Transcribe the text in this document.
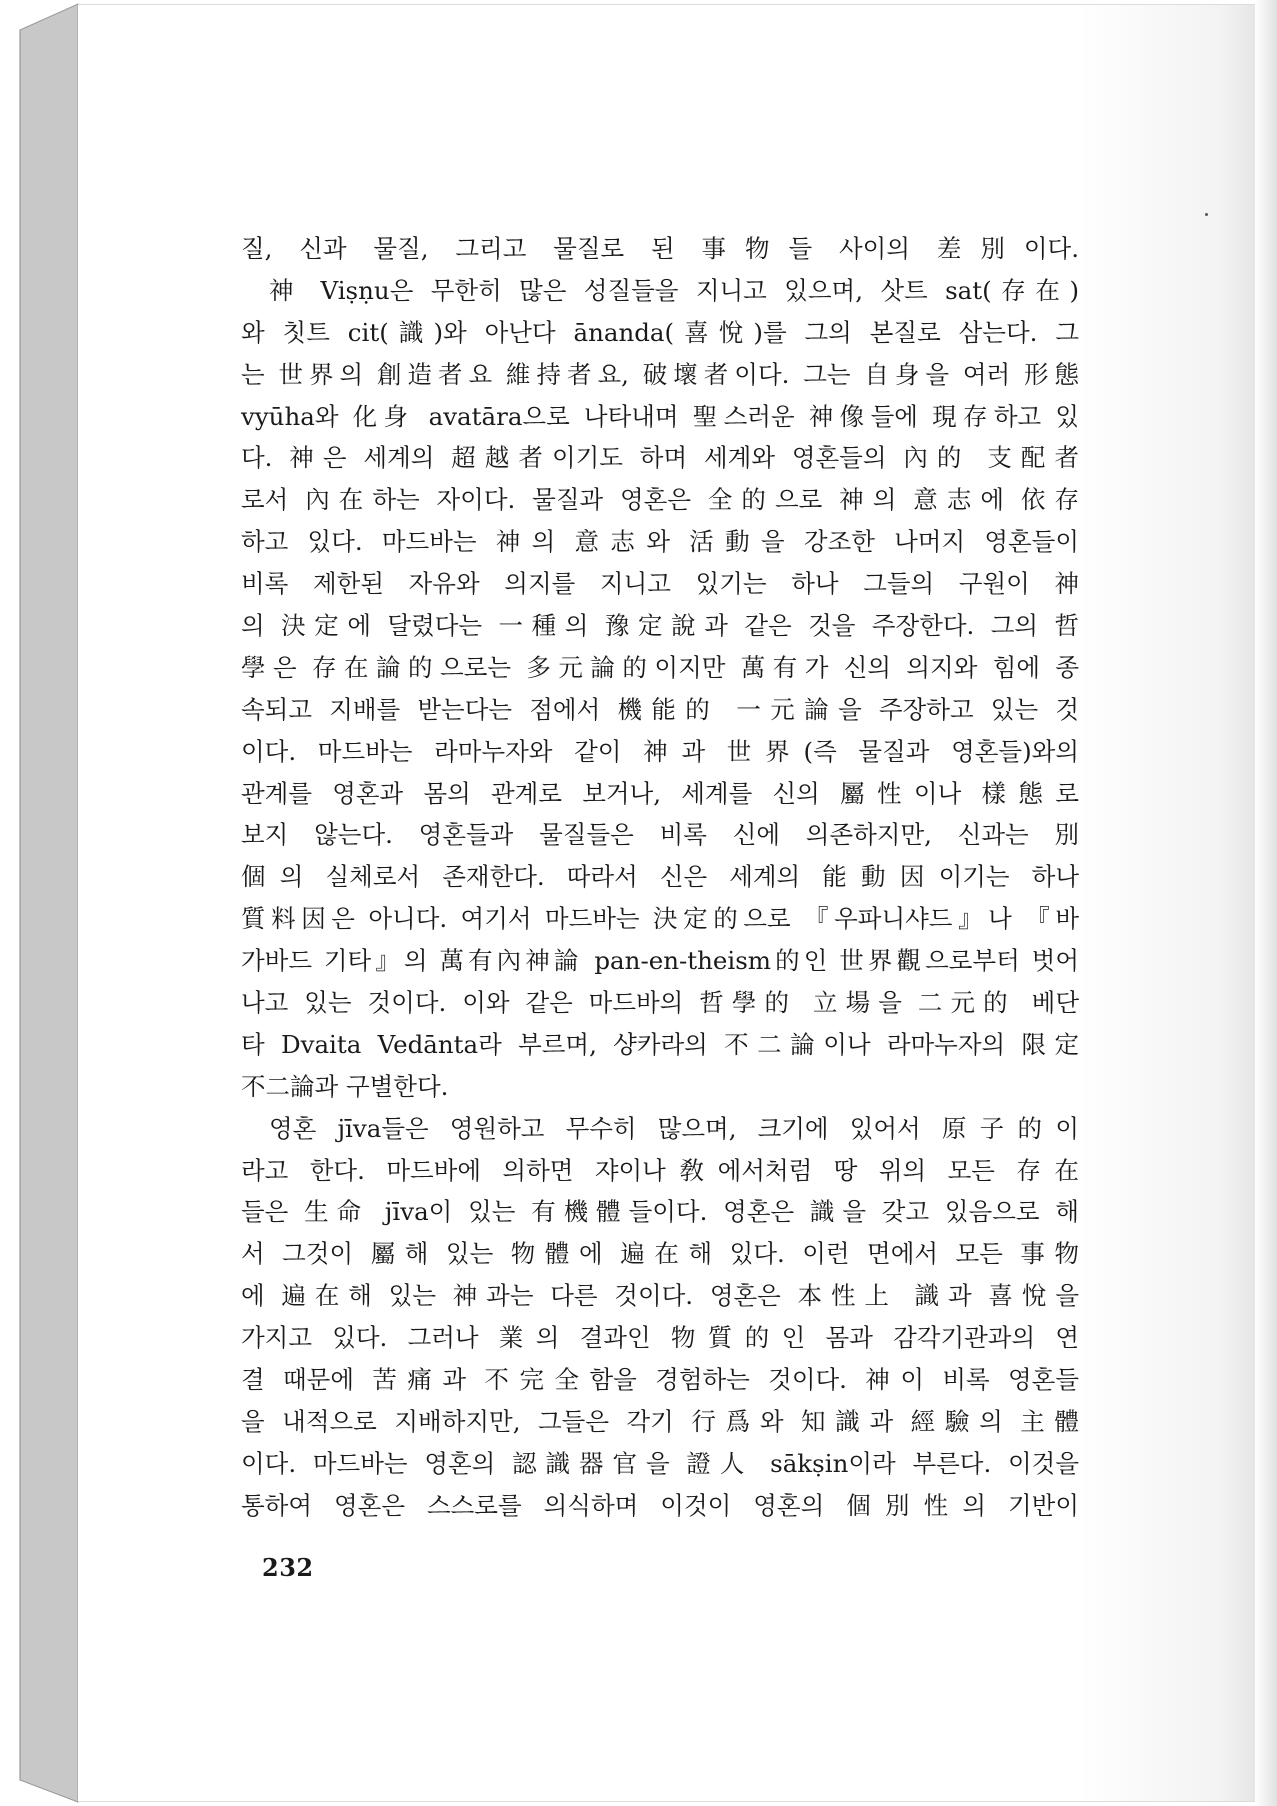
질, 신과 물질, 그리고 물질로 된 事物들 사이의 差別이다.
神 Viṣṇu은 무한히 많은 성질들을 지니고 있으며, 삿트 sat(存在)
와 칫트 cit(識)와 아난다 ānanda(喜悅)를 그의 본질로 삼는다. 그
는 世界의 創造者요 維持者요, 破壞者이다. 그는 自身을 여러 形態
vyūha와 化身 avatāra으로 나타내며 聖스러운 神像들에 現存하고 있
다. 神은 세계의 超越者이기도 하며 세계와 영혼들의 內的 支配者
로서 內在하는 자이다. 물질과 영혼은 全的으로 神의 意志에 依存
하고 있다. 마드바는 神의 意志와 活動을 강조한 나머지 영혼들이
비록 제한된 자유와 의지를 지니고 있기는 하나 그들의 구원이 神
의 決定에 달렸다는 一種의 豫定說과 같은 것을 주장한다. 그의 哲
學은 存在論的으로는 多元論的이지만 萬有가 신의 의지와 힘에 종
속되고 지배를 받는다는 점에서 機能的 一元論을 주장하고 있는 것
이다. 마드바는 라마누자와 같이 神과 世界(즉 물질과 영혼들)와의
관계를 영혼과 몸의 관계로 보거나, 세계를 신의 屬性이나 樣態로
보지 않는다. 영혼들과 물질들은 비록 신에 의존하지만, 신과는 別
個의 실체로서 존재한다. 따라서 신은 세계의 能動因이기는 하나
質料因은 아니다. 여기서 마드바는 決定的으로 『우파니샤드』나 『바
가바드 기타』의 萬有內神論 pan-en-theism的인 世界觀으로부터 벗어
나고 있는 것이다. 이와 같은 마드바의 哲學的 立場을 二元的 베단
타 Dvaita Vedānta라 부르며, 샹카라의 不二論이나 라마누자의 限定
不二論과 구별한다.
영혼 jīva들은 영원하고 무수히 많으며, 크기에 있어서 原子的이
라고 한다. 마드바에 의하면 쟈이나敎에서처럼 땅 위의 모든 存在
들은 生命 jīva이 있는 有機體들이다. 영혼은 識을 갖고 있음으로 해
서 그것이 屬해 있는 物體에 遍在해 있다. 이런 면에서 모든 事物
에 遍在해 있는 神과는 다른 것이다. 영혼은 本性上 識과 喜悅을
가지고 있다. 그러나 業의 결과인 物質的인 몸과 감각기관과의 연
결 때문에 苦痛과 不完全함을 경험하는 것이다. 神이 비록 영혼들
을 내적으로 지배하지만, 그들은 각기 行爲와 知識과 經驗의 主體
이다. 마드바는 영혼의 認識器官을 證人 sākṣin이라 부른다. 이것을
통하여 영혼은 스스로를 의식하며 이것이 영혼의 個別性의 기반이
232
